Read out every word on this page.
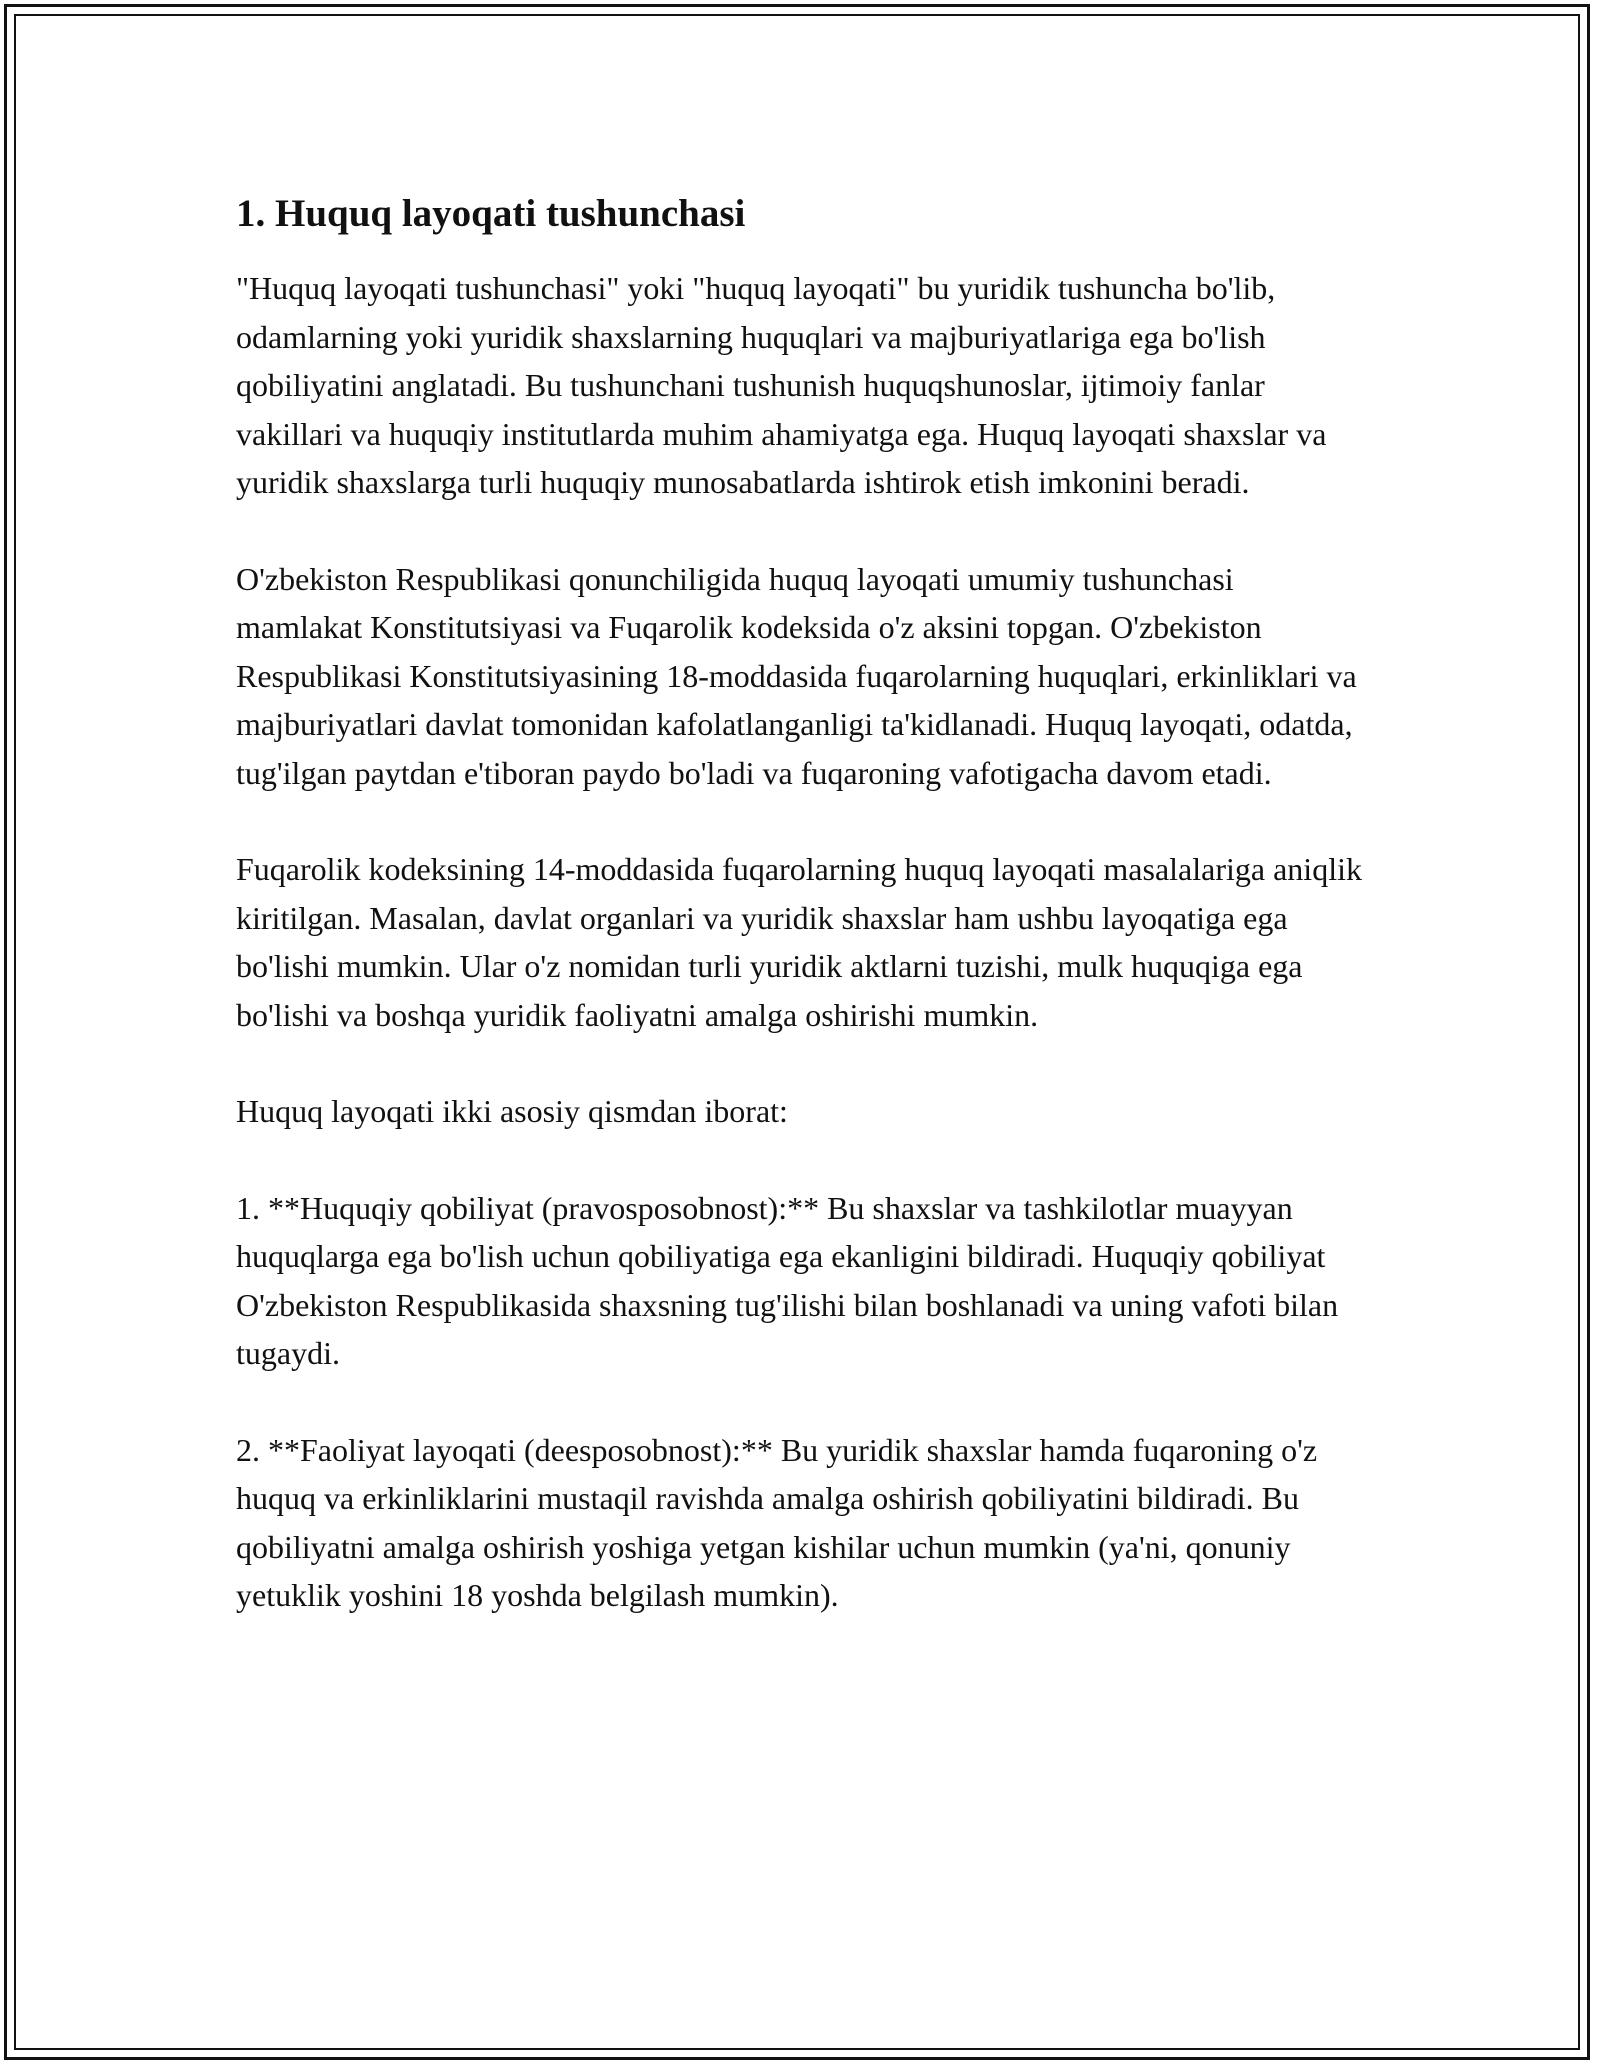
1. Huquq layoqati tushunchasi

"Huquq layoqati tushunchasi" yoki "huquq layoqati" bu yuridik tushuncha bo'lib, odamlarning yoki yuridik shaxslarning huquqlari va majburiyatlariga ega bo'lish qobiliyatini anglatadi. Bu tushunchani tushunish huquqshunoslar, ijtimoiy fanlar vakillari va huquqiy institutlarda muhim ahamiyatga ega. Huquq layoqati shaxslar va yuridik shaxslarga turli huquqiy munosabatlarda ishtirok etish imkonini beradi.

O'zbekiston Respublikasi qonunchiligida huquq layoqati umumiy tushunchasi mamlakat Konstitutsiyasi va Fuqarolik kodeksida o'z aksini topgan. O'zbekiston Respublikasi Konstitutsiyasining 18-moddasida fuqarolarning huquqlari, erkinliklari va majburiyatlari davlat tomonidan kafolatlanganligi ta'kidlanadi. Huquq layoqati, odatda, tug'ilgan paytdan e'tiboran paydo bo'ladi va fuqaroning vafotigacha davom etadi.

Fuqarolik kodeksining 14-moddasida fuqarolarning huquq layoqati masalalariga aniqlik kiritilgan. Masalan, davlat organlari va yuridik shaxslar ham ushbu layoqatiga ega bo'lishi mumkin. Ular o'z nomidan turli yuridik aktlarni tuzishi, mulk huquqiga ega bo'lishi va boshqa yuridik faoliyatni amalga oshirishi mumkin.

Huquq layoqati ikki asosiy qismdan iborat:

1. **Huquqiy qobiliyat (pravosposobnost):** Bu shaxslar va tashkilotlar muayyan huquqlarga ega bo'lish uchun qobiliyatiga ega ekanligini bildiradi. Huquqiy qobiliyat O'zbekiston Respublikasida shaxsning tug'ilishi bilan boshlanadi va uning vafoti bilan tugaydi.

2. **Faoliyat layoqati (deesposobnost):** Bu yuridik shaxslar hamda fuqaroning o'z huquq va erkinliklarini mustaqil ravishda amalga oshirish qobiliyatini bildiradi. Bu qobiliyatni amalga oshirish yoshiga yetgan kishilar uchun mumkin (ya'ni, qonuniy yetuklik yoshini 18 yoshda belgilash mumkin).
